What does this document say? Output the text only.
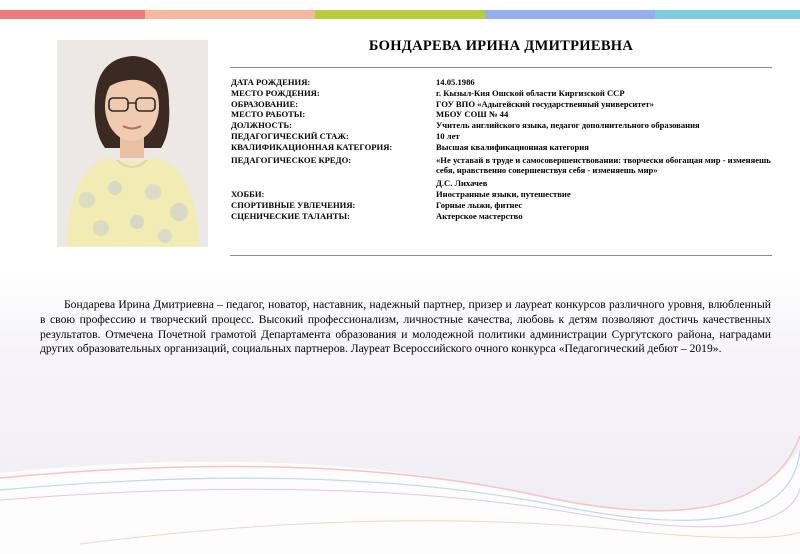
БОНДАРЕВА ИРИНА ДМИТРИЕВНА
ДАТА РОЖДЕНИЯ:	14.05.1986
МЕСТО РОЖДЕНИЯ:	г. Кызыл-Кия Ошской области Киргизской ССР
ОБРАЗОВАНИЕ:	ГОУ ВПО «Адыгейский государственный университет»
МЕСТО РАБОТЫ:	МБОУ СОШ № 44
ДОЛЖНОСТЬ:	Учитель английского языка, педагог дополнительного образования
ПЕДАГОГИЧЕСКИЙ СТАЖ:	10 лет
КВАЛИФИКАЦИОННАЯ КАТЕГОРИЯ:	Высшая квалификационная категория
ПЕДАГОГИЧЕСКОЕ КРЕДО:	«Не уставай в труде и самосовершенствовании: творчески обогащая мир - изменяешь себя, нравственно совершенствуя себя - изменяешь мир»
Д.С. Лихачев
ХОББИ:	Иностранные языки, путешествие
СПОРТИВНЫЕ УВЛЕЧЕНИЯ:	Горные лыжи, фитнес
СЦЕНИЧЕСКИЕ ТАЛАНТЫ:	Актерское мастерство

Бондарева Ирина Дмитриевна – педагог, новатор, наставник, надежный партнер, призер и лауреат конкурсов различного уровня, влюбленный в свою профессию и творческий процесс. Высокий профессионализм, личностные качества, любовь к детям позволяют достичь качественных результатов. Отмечена Почетной грамотой Департамента образования и молодежной политики администрации Сургутского района, наградами других образовательных организаций, социальных партнеров. Лауреат Всероссийского очного конкурса «Педагогический дебют – 2019».
